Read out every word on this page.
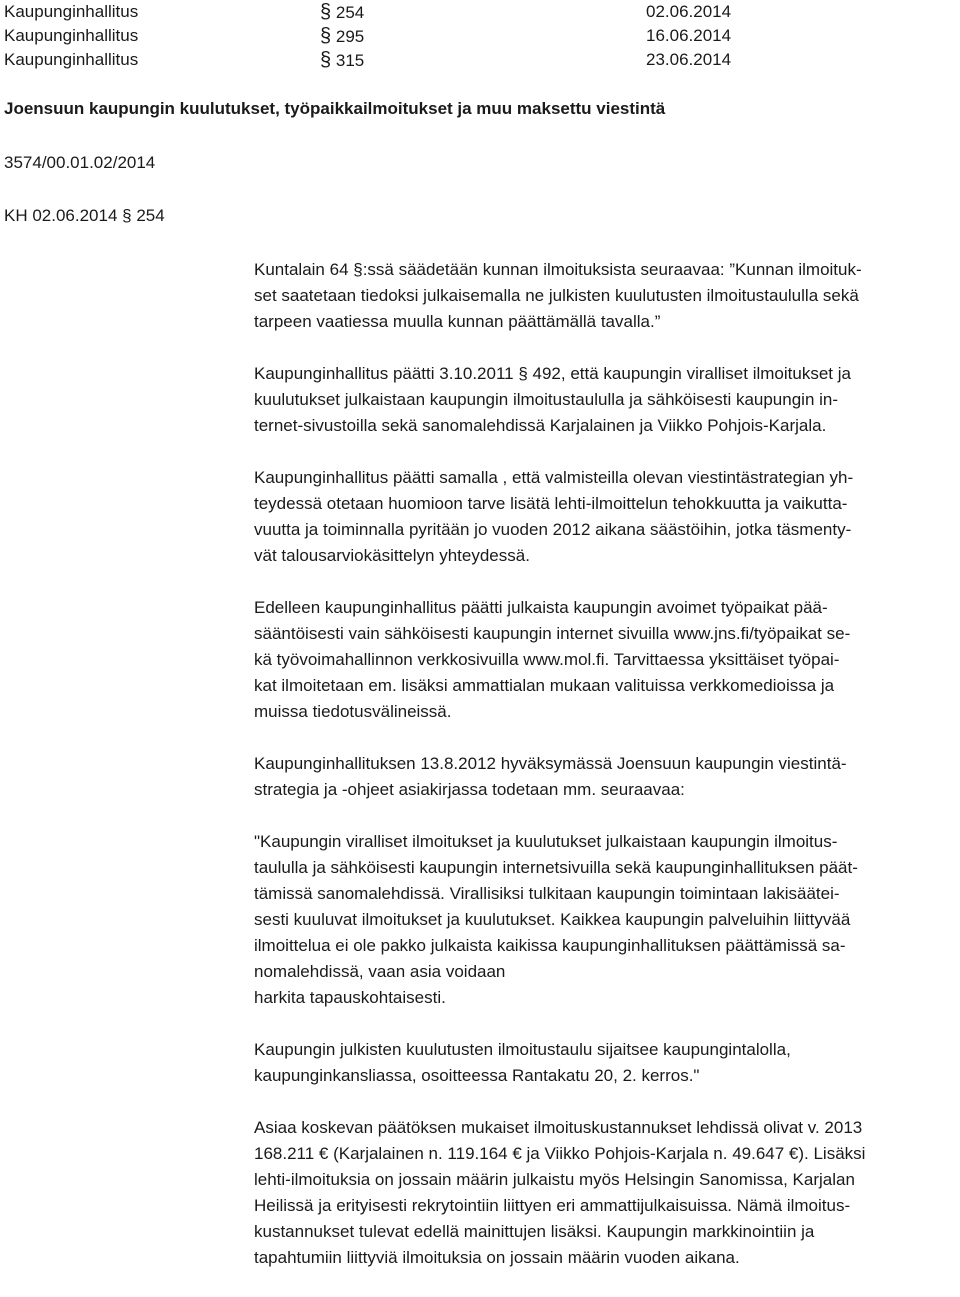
Kaupunginhallitus	§ 254	02.06.2014
Kaupunginhallitus	§ 295	16.06.2014
Kaupunginhallitus	§ 315	23.06.2014
Joensuun kaupungin kuulutukset, työpaikkailmoitukset ja muu maksettu viestintä
3574/00.01.02/2014
KH 02.06.2014 § 254

Kuntalain 64 §:ssä säädetään kunnan ilmoituksista seuraavaa: ”Kunnan ilmoituk-
set saatetaan tiedoksi julkaisemalla ne julkisten kuulutusten ilmoitustaululla sekä
tarpeen vaatiessa muulla kunnan päättämällä tavalla.”

Kaupunginhallitus päätti 3.10.2011 § 492, että kaupungin viralliset ilmoitukset ja
kuulutukset julkaistaan kaupungin ilmoitustaululla ja sähköisesti kaupungin in-
ternet-sivustoilla sekä sanomalehdissä Karjalainen ja Viikko Pohjois-Karjala.

Kaupunginhallitus päätti samalla , että valmisteilla olevan viestintästrategian yh-
teydessä otetaan huomioon tarve lisätä lehti-ilmoittelun tehokkuutta ja vaikutta-
vuutta ja toiminnalla pyritään jo vuoden 2012 aikana säästöihin, jotka täsmenty-
vät talousarviokäsittelyn yhteydessä.

Edelleen kaupunginhallitus päätti julkaista kaupungin avoimet työpaikat pää-
sääntöisesti vain sähköisesti kaupungin internet sivuilla www.jns.fi/työpaikat se-
kä työvoimahallinnon verkkosivuilla www.mol.fi. Tarvittaessa yksittäiset työpai-
kat ilmoitetaan em. lisäksi ammattialan mukaan valituissa verkkomedioissa ja
muissa tiedotusvälineissä.

Kaupunginhallituksen 13.8.2012 hyväksymässä Joensuun kaupungin viestintä-
strategia ja -ohjeet asiakirjassa todetaan mm. seuraavaa:

"Kaupungin viralliset ilmoitukset ja kuulutukset julkaistaan kaupungin ilmoitus-
taululla ja sähköisesti kaupungin internetsivuilla sekä kaupunginhallituksen päät-
tämissä sanomalehdissä. Virallisiksi tulkitaan kaupungin toimintaan lakisäätei-
sesti kuuluvat ilmoitukset ja kuulutukset. Kaikkea kaupungin palveluihin liittyvää
ilmoittelua ei ole pakko julkaista kaikissa kaupunginhallituksen päättämissä sa-
nomalehdissä, vaan asia voidaan
harkita tapauskohtaisesti.

Kaupungin julkisten kuulutusten ilmoitustaulu sijaitsee kaupungintalolla,
kaupunginkansliassa, osoitteessa Rantakatu 20, 2. kerros."

Asiaa koskevan päätöksen mukaiset ilmoituskustannukset lehdissä olivat v. 2013
168.211 € (Karjalainen n. 119.164 € ja Viikko Pohjois-Karjala n. 49.647 €). Lisäksi
lehti-ilmoituksia on jossain määrin julkaistu myös Helsingin Sanomissa, Karjalan
Heilissä ja erityisesti rekrytointiin liittyen eri ammattijulkaisuissa. Nämä ilmoitus-
kustannukset tulevat edellä mainittujen lisäksi. Kaupungin markkinointiin ja
tapahtumiin liittyviä ilmoituksia on jossain määrin vuoden aikana.
